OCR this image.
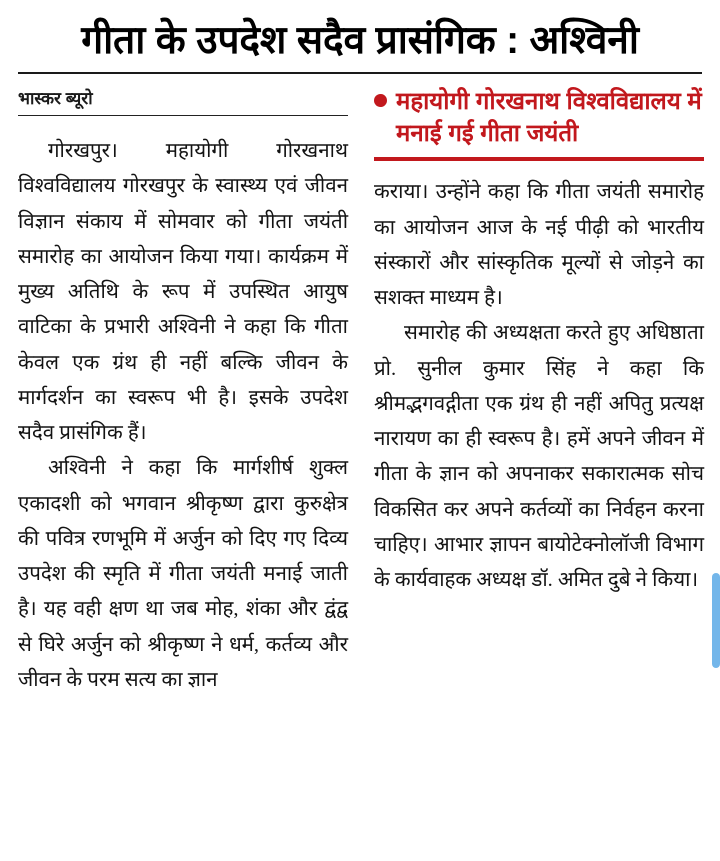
गीता के उपदेश सदैव प्रासंगिक : अश्विनी
भास्कर ब्यूरो

गोरखपुर। महायोगी गोरखनाथ विश्वविद्यालय गोरखपुर के स्वास्थ्य एवं जीवन विज्ञान संकाय में सोमवार को गीता जयंती समारोह का आयोजन किया गया। कार्यक्रम में मुख्य अतिथि के रूप में उपस्थित आयुष वाटिका के प्रभारी अश्विनी ने कहा कि गीता केवल एक ग्रंथ ही नहीं बल्कि जीवन के मार्गदर्शन का स्वरूप भी है। इसके उपदेश सदैव प्रासंगिक हैं।

अश्विनी ने कहा कि मार्गशीर्ष शुक्ल एकादशी को भगवान श्रीकृष्ण द्वारा कुरुक्षेत्र की पवित्र रणभूमि में अर्जुन को दिए गए दिव्य उपदेश की स्मृति में गीता जयंती मनाई जाती है। यह वही क्षण था जब मोह, शंका और द्वंद्व से घिरे अर्जुन को श्रीकृष्ण ने धर्म, कर्तव्य और जीवन के परम सत्य का ज्ञान

महायोगी गोरखनाथ विश्वविद्यालय में मनाई गई गीता जयंती

कराया। उन्होंने कहा कि गीता जयंती समारोह का आयोजन आज के नई पीढ़ी को भारतीय संस्कारों और सांस्कृतिक मूल्यों से जोड़ने का सशक्त माध्यम है।

समारोह की अध्यक्षता करते हुए अधिष्ठाता प्रो. सुनील कुमार सिंह ने कहा कि श्रीमद्भगवद्गीता एक ग्रंथ ही नहीं अपितु प्रत्यक्ष नारायण का ही स्वरूप है। हमें अपने जीवन में गीता के ज्ञान को अपनाकर सकारात्मक सोच विकसित कर अपने कर्तव्यों का निर्वहन करना चाहिए। आभार ज्ञापन बायोटेक्नोलॉजी विभाग के कार्यवाहक अध्यक्ष डॉ. अमित दुबे ने किया।
